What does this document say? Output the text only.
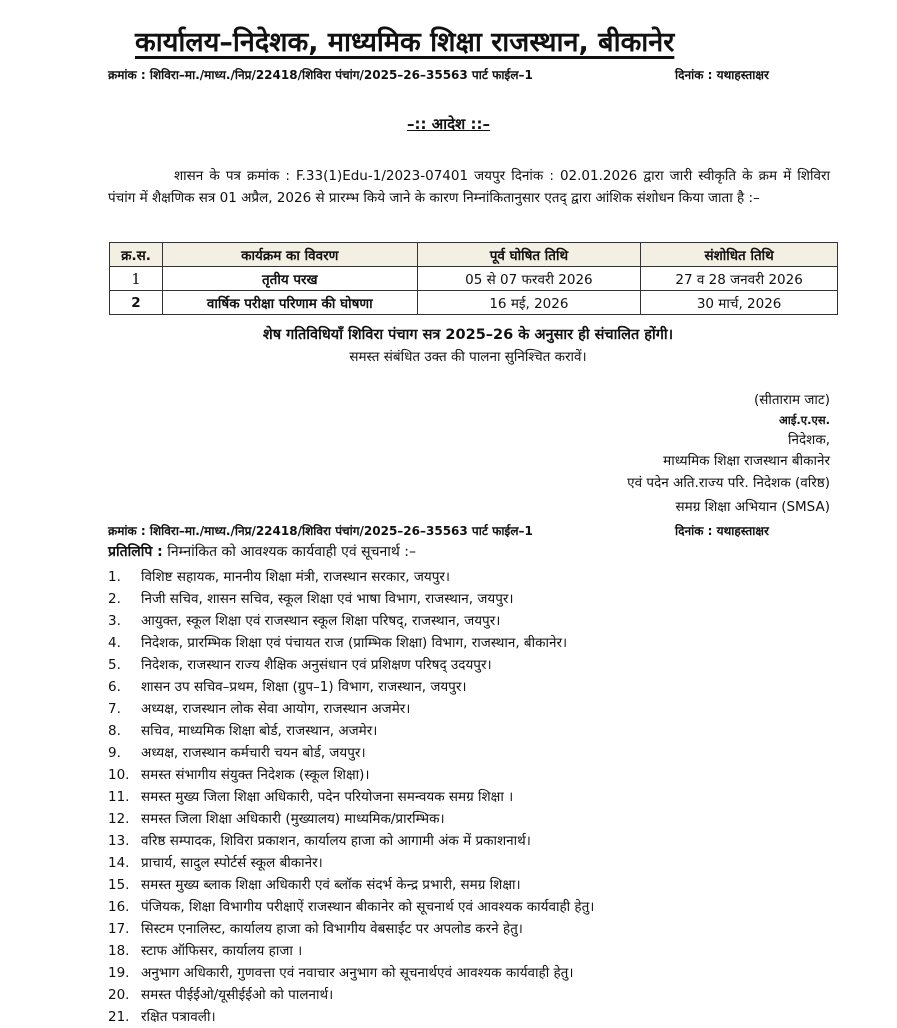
कार्यालय–निदेशक, माध्यमिक शिक्षा राजस्थान, बीकानेर
क्रमांक : शिविरा–मा./माध्य./निप्र/22418/शिविरा पंचांग/2025–26–35563 पार्ट फाईल–1	दिनांक : यथाहस्ताक्षर
–:: आदेश ::–
शासन के पत्र क्रमांक : F.33(1)Edu-1/2023-07401 जयपुर दिनांक : 02.01.2026 द्वारा जारी स्वीकृति के क्रम में शिविरा पंचांग में शैक्षणिक सत्र 01 अप्रैल, 2026 से प्रारम्भ किये जाने के कारण निम्नांकितानुसार एतद् द्वारा आंशिक संशोधन किया जाता है :–
क्र.स.	कार्यक्रम का विवरण	पूर्व घोषित तिथि	संशोधित तिथि
1	तृतीय परख	05 से 07 फरवरी 2026	27 व 28 जनवरी 2026
2	वार्षिक परीक्षा परिणाम की घोषणा	16 मई, 2026	30 मार्च, 2026
शेष गतिविधियाँ शिविरा पंचाग सत्र 2025–26 के अनुसार ही संचालित होंगी।
समस्त संबंधित उक्त की पालना सुनिश्चित करावें।
(सीताराम जाट)
आई.ए.एस.
निदेशक,
माध्यमिक शिक्षा राजस्थान बीकानेर
एवं पदेन अति.राज्य परि. निदेशक (वरिष्ठ)
समग्र शिक्षा अभियान (SMSA)
क्रमांक : शिविरा–मा./माध्य./निप्र/22418/शिविरा पंचांग/2025–26–35563 पार्ट फाईल–1	दिनांक : यथाहस्ताक्षर
प्रतिलिपि : निम्नांकित को आवश्यक कार्यवाही एवं सूचनार्थ :–
1. विशिष्ट सहायक, माननीय शिक्षा मंत्री, राजस्थान सरकार, जयपुर।
2. निजी सचिव, शासन सचिव, स्कूल शिक्षा एवं भाषा विभाग, राजस्थान, जयपुर।
3. आयुक्त, स्कूल शिक्षा एवं राजस्थान स्कूल शिक्षा परिषद्, राजस्थान, जयपुर।
4. निदेशक, प्रारम्भिक शिक्षा एवं पंचायत राज (प्राम्भिक शिक्षा) विभाग, राजस्थान, बीकानेर।
5. निदेशक, राजस्थान राज्य शैक्षिक अनुसंधान एवं प्रशिक्षण परिषद् उदयपुर।
6. शासन उप सचिव–प्रथम, शिक्षा (ग्रुप–1) विभाग, राजस्थान, जयपुर।
7. अध्यक्ष, राजस्थान लोक सेवा आयोग, राजस्थान अजमेर।
8. सचिव, माध्यमिक शिक्षा बोर्ड, राजस्थान, अजमेर।
9. अध्यक्ष, राजस्थान कर्मचारी चयन बोर्ड, जयपुर।
10. समस्त संभागीय संयुक्त निदेशक (स्कूल शिक्षा)।
11. समस्त मुख्य जिला शिक्षा अधिकारी, पदेन परियोजना समन्वयक समग्र शिक्षा ।
12. समस्त जिला शिक्षा अधिकारी (मुख्यालय) माध्यमिक/प्रारम्भिक।
13. वरिष्ठ सम्पादक, शिविरा प्रकाशन, कार्यालय हाजा को आगामी अंक में प्रकाशनार्थ।
14. प्राचार्य, सादुल स्पोर्टर्स स्कूल बीकानेर।
15. समस्त मुख्य ब्लाक शिक्षा अधिकारी एवं ब्लॉक संदर्भ केन्द्र प्रभारी, समग्र शिक्षा।
16. पंजियक, शिक्षा विभागीय परीक्षाऐं राजस्थान बीकानेर को सूचनार्थ एवं आवश्यक कार्यवाही हेतु।
17. सिस्टम एनालिस्ट, कार्यालय हाजा को विभागीय वेबसाईट पर अपलोड करने हेतु।
18. स्टाफ ऑफिसर, कार्यालय हाजा ।
19. अनुभाग अधिकारी, गुणवत्ता एवं नवाचार अनुभाग को सूचनार्थएवं आवश्यक कार्यवाही हेतु।
20. समस्त पीईईओ/यूसीईईओ को पालनार्थ।
21. रक्षित पत्रावली।
